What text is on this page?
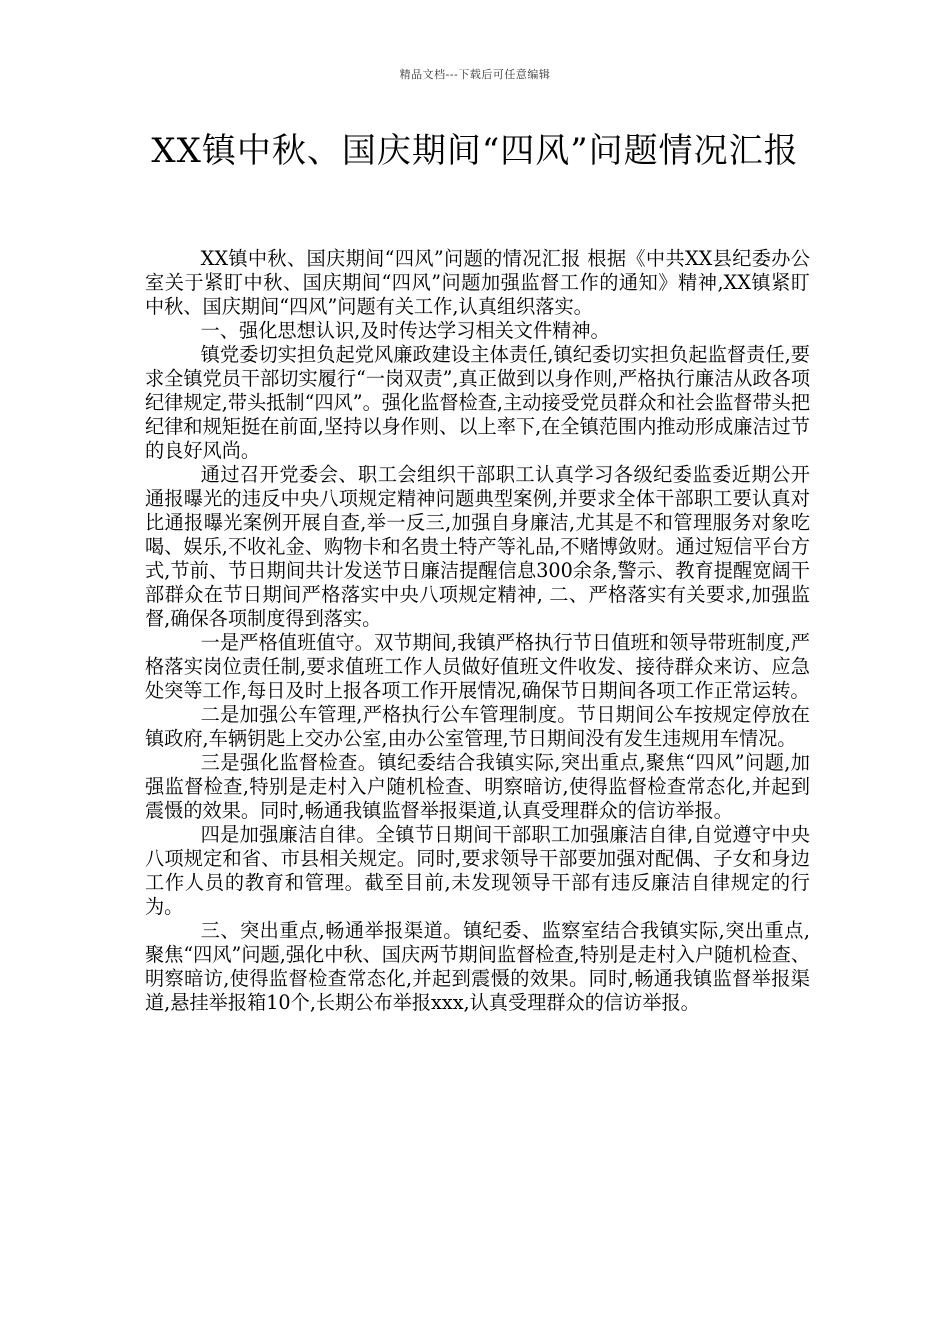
精品文档---下载后可任意编辑
XX镇中秋、国庆期间“四风”问题情况汇报

XX镇中秋、国庆期间“四风”问题的情况汇报 根据《中共XX县纪委办公室关于紧盯中秋、国庆期间“四风”问题加强监督工作的通知》精神,XX镇紧盯中秋、国庆期间“四风”问题有关工作,认真组织落实。

一、强化思想认识,及时传达学习相关文件精神。

镇党委切实担负起党风廉政建设主体责任,镇纪委切实担负起监督责任,要求全镇党员干部切实履行“一岗双责”,真正做到以身作则,严格执行廉洁从政各项纪律规定,带头抵制“四风”。强化监督检查,主动接受党员群众和社会监督带头把纪律和规矩挺在前面,坚持以身作则、以上率下,在全镇范围内推动形成廉洁过节的良好风尚。

通过召开党委会、职工会组织干部职工认真学习各级纪委监委近期公开通报曝光的违反中央八项规定精神问题典型案例,并要求全体干部职工要认真对比通报曝光案例开展自查,举一反三,加强自身廉洁,尤其是不和管理服务对象吃喝、娱乐,不收礼金、购物卡和名贵土特产等礼品,不赌博敛财。通过短信平台方式,节前、节日期间共计发送节日廉洁提醒信息300余条,警示、教育提醒宽阔干部群众在节日期间严格落实中央八项规定精神, 二、严格落实有关要求,加强监督,确保各项制度得到落实。

一是严格值班值守。双节期间,我镇严格执行节日值班和领导带班制度,严格落实岗位责任制,要求值班工作人员做好值班文件收发、接待群众来访、应急处突等工作,每日及时上报各项工作开展情况,确保节日期间各项工作正常运转。

二是加强公车管理,严格执行公车管理制度。节日期间公车按规定停放在镇政府,车辆钥匙上交办公室,由办公室管理,节日期间没有发生违规用车情况。

三是强化监督检查。镇纪委结合我镇实际,突出重点,聚焦“四风”问题,加强监督检查,特别是走村入户随机检查、明察暗访,使得监督检查常态化,并起到震慑的效果。同时,畅通我镇监督举报渠道,认真受理群众的信访举报。

四是加强廉洁自律。全镇节日期间干部职工加强廉洁自律,自觉遵守中央八项规定和省、市县相关规定。同时,要求领导干部要加强对配偶、子女和身边工作人员的教育和管理。截至目前,未发现领导干部有违反廉洁自律规定的行为。

三、突出重点,畅通举报渠道。镇纪委、监察室结合我镇实际,突出重点,聚焦“四风”问题,强化中秋、国庆两节期间监督检查,特别是走村入户随机检查、明察暗访,使得监督检查常态化,并起到震慑的效果。同时,畅通我镇监督举报渠道,悬挂举报箱10个,长期公布举报xxx,认真受理群众的信访举报。
